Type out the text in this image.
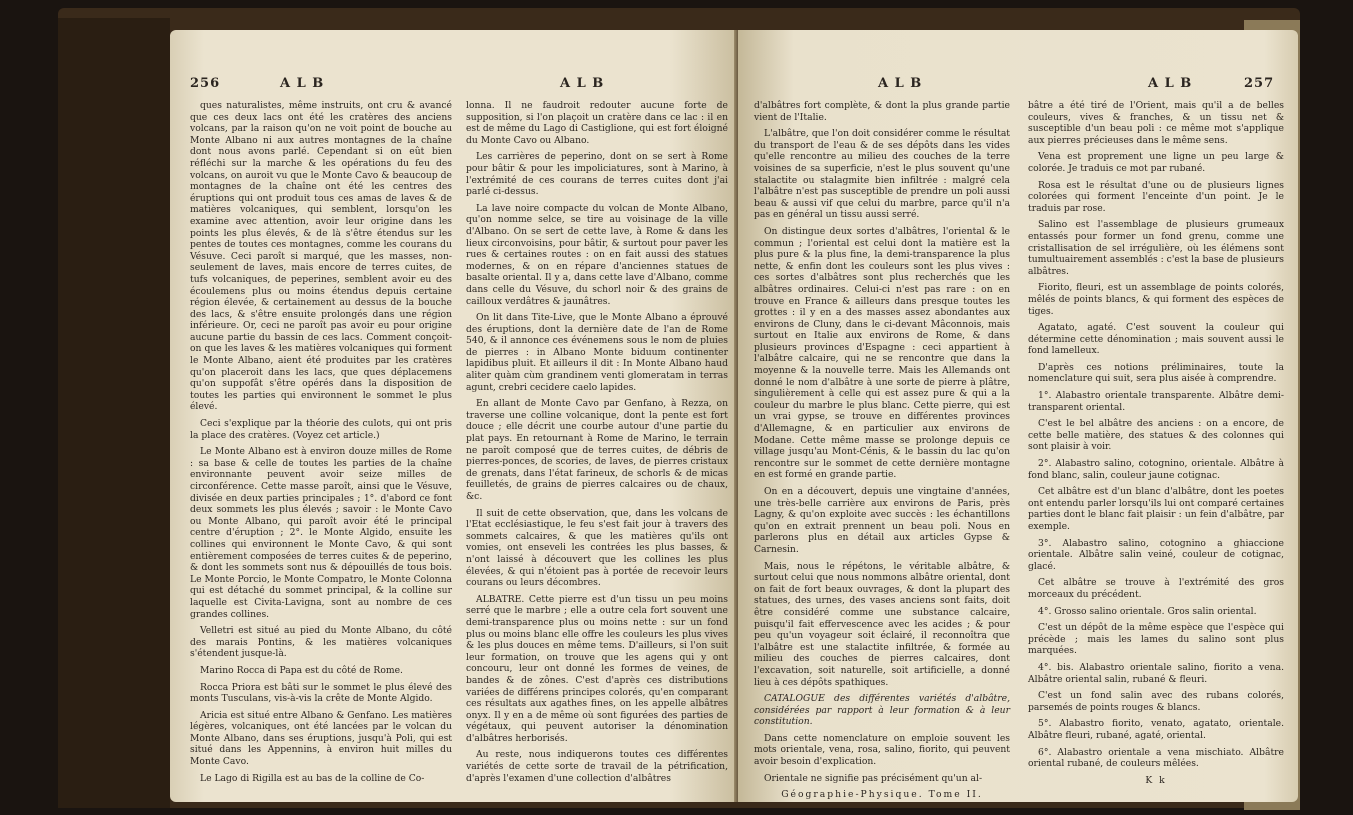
256	A L B	A L B

ques naturalistes, même instruits, ont cru & avancé que ces deux lacs ont été les cratères des anciens volcans, par la raison qu'on ne voit point de bouche au Monte Albano ni aux autres montagnes de la chaîne dont nous avons parlé. Cependant si on eût bien réfléchi sur la marche & les opérations du feu des volcans, on auroit vu que le Monte Cavo & beaucoup de montagnes de la chaîne ont été les centres des éruptions qui ont produit tous ces amas de laves & de matières volcaniques, qui semblent, lorsqu'on les examine avec attention, avoir leur origine dans les points les plus élevés, & de là s'être étendus sur les pentes de toutes ces montagnes, comme les courans du Vésuve. Ceci paroît si marqué, que les masses, non-seulement de laves, mais encore de terres cuites, de tufs volcaniques, de peperines, semblent avoir eu des écoulemens plus ou moins étendus depuis certaine région élevée, & certainement au dessus de la bouche des lacs, & s'être ensuite prolongés dans une région inférieure. Or, ceci ne paroît pas avoir eu pour origine aucune partie du bassin de ces lacs. Comment conçoit-on que les laves & les matières volcaniques qui forment le Monte Albano, aient été produites par les cratères qu'on placeroit dans les lacs, que ques déplacemens qu'on suppofât s'être opérés dans la disposition de toutes les parties qui environnent le sommet le plus élevé.

Ceci s'explique par la théorie des culots, qui ont pris la place des cratères. (Voyez cet article.)

Le Monte Albano est à environ douze milles de Rome : sa base & celle de toutes les parties de la chaîne environnante peuvent avoir seize milles de circonférence. Cette masse paroît, ainsi que le Vésuve, divisée en deux parties principales ; 1°. d'abord ce font deux sommets les plus élevés ; savoir : le Monte Cavo ou Monte Albano, qui paroît avoir été le principal centre d'éruption ; 2°. le Monte Algido, ensuite les collines qui environnent le Monte Cavo, & qui sont entièrement composées de terres cuites & de peperino, & dont les sommets sont nus & dépouillés de tous bois. Le Monte Porcio, le Monte Compatro, le Monte Colonna qui est détaché du sommet principal, & la colline sur laquelle est Civita-Lavigna, sont au nombre de ces grandes collines.

Velletri est situé au pied du Monte Albano, du côté des marais Pontins, & les matières volcaniques s'étendent jusque-là.

Marino Rocca di Papa est du côté de Rome.

Rocca Priora est bâti sur le sommet le plus élevé des monts Tusculans, vis-à-vis la crête de Monte Algido.

Aricia est situé entre Albano & Genfano. Les matières légères, volcaniques, ont été lancées par le volcan du Monte Albano, dans ses éruptions, jusqu'à Poli, qui est situé dans les Appennins, à environ huit milles du Monte Cavo.

Le Lago di Rigilla est au bas de la colline de Co-

lonna. Il ne faudroit redouter aucune forte de supposition, si l'on plaçoit un cratère dans ce lac : il en est de même du Lago di Castiglione, qui est fort éloigné du Monte Cavo ou Albano.

Les carrières de peperino, dont on se sert à Rome pour bâtir & pour les impoliciatures, sont à Marino, à l'extrémité de ces courans de terres cuites dont j'ai parlé ci-dessus.

La lave noire compacte du volcan de Monte Albano, qu'on nomme selce, se tire au voisinage de la ville d'Albano. On se sert de cette lave, à Rome & dans les lieux circonvoisins, pour bâtir, & surtout pour paver les rues & certaines routes : on en fait aussi des statues modernes, & on en répare d'anciennes statues de basalte oriental. Il y a, dans cette lave d'Albano, comme dans celle du Vésuve, du schorl noir & des grains de cailloux verdâtres & jaunâtres.

On lit dans Tite-Live, que le Monte Albano a éprouvé des éruptions, dont la dernière date de l'an de Rome 540, & il annonce ces événemens sous le nom de pluies de pierres : in Albano Monte biduum continenter lapidibus pluit. Et ailleurs il dit : In Monte Albano haud aliter quàm cùm grandinem venti glomeratam in terras agunt, crebri cecidere caelo lapides.

En allant de Monte Cavo par Genfano, à Rezza, on traverse une colline volcanique, dont la pente est fort douce ; elle décrit une courbe autour d'une partie du plat pays. En retournant à Rome de Marino, le terrain ne paroît composé que de terres cuites, de débris de pierres-ponces, de scories, de laves, de pierres cristaux de grenats, dans l'état farineux, de schorls & de micas feuilletés, de grains de pierres calcaires ou de chaux, &c.

Il suit de cette observation, que, dans les volcans de l'Etat ecclésiastique, le feu s'est fait jour à travers des sommets calcaires, & que les matières qu'ils ont vomies, ont enseveli les contrées les plus basses, & n'ont laissé à découvert que les collines les plus élevées, & qui n'étoient pas à portée de recevoir leurs courans ou leurs décombres.

ALBATRE. Cette pierre est d'un tissu un peu moins serré que le marbre ; elle a outre cela fort souvent une demi-transparence plus ou moins nette : sur un fond plus ou moins blanc elle offre les couleurs les plus vives & les plus douces en même tems. D'ailleurs, si l'on suit leur formation, on trouve que les agens qui y ont concouru, leur ont donné les formes de veines, de bandes & de zônes. C'est d'après ces distributions variées de différens principes colorés, qu'en comparant ces résultats aux agathes fines, on les appelle albâtres onyx. Il y en a de même où sont figurées des parties de végétaux, qui peuvent autoriser la dénomination d'albâtres herborisés.

Au reste, nous indiquerons toutes ces différentes variétés de cette sorte de travail de la pétrification, d'après l'examen d'une collection d'albâtres

A L B	A L B	257

d'albâtres fort complète, & dont la plus grande partie vient de l'Italie.

L'albâtre, que l'on doit considérer comme le résultat du transport de l'eau & de ses dépôts dans les vides qu'elle rencontre au milieu des couches de la terre voisines de sa superficie, n'est le plus souvent qu'une stalactite ou stalagmite bien infiltrée : malgré cela l'albâtre n'est pas susceptible de prendre un poli aussi beau & aussi vif que celui du marbre, parce qu'il n'a pas en général un tissu aussi serré.

On distingue deux sortes d'albâtres, l'oriental & le commun ; l'oriental est celui dont la matière est la plus pure & la plus fine, la demi-transparence la plus nette, & enfin dont les couleurs sont les plus vives : ces sortes d'albâtres sont plus recherchés que les albâtres ordinaires. Celui-ci n'est pas rare : on en trouve en France & ailleurs dans presque toutes les grottes : il y en a des masses assez abondantes aux environs de Cluny, dans le ci-devant Mâconnois, mais surtout en Italie aux environs de Rome, & dans plusieurs provinces d'Espagne : ceci appartient à l'albâtre calcaire, qui ne se rencontre que dans la moyenne & la nouvelle terre. Mais les Allemands ont donné le nom d'albâtre à une sorte de pierre à plâtre, singulièrement à celle qui est assez pure & qui a la couleur du marbre le plus blanc. Cette pierre, qui est un vrai gypse, se trouve en différentes provinces d'Allemagne, & en particulier aux environs de Modane. Cette même masse se prolonge depuis ce village jusqu'au Mont-Cénis, & le bassin du lac qu'on rencontre sur le sommet de cette dernière montagne en est formé en grande partie.

On en a découvert, depuis une vingtaine d'années, une très-belle carrière aux environs de Paris, près Lagny, & qu'on exploite avec succès : les échantillons qu'on en extrait prennent un beau poli. Nous en parlerons plus en détail aux articles Gypse & Carnesin.

Mais, nous le répétons, le véritable albâtre, & surtout celui que nous nommons albâtre oriental, dont on fait de fort beaux ouvrages, & dont la plupart des statues, des urnes, des vases anciens sont faits, doit être considéré comme une substance calcaire, puisqu'il fait effervescence avec les acides ; & pour peu qu'un voyageur soit éclairé, il reconnoîtra que l'albâtre est une stalactite infiltrée, & formée au milieu des couches de pierres calcaires, dont l'excavation, soit naturelle, soit artificielle, a donné lieu à ces dépôts spathiques.

CATALOGUE des différentes variétés d'albâtre, considérées par rapport à leur formation & à leur constitution.

Dans cette nomenclature on emploie souvent les mots orientale, vena, rosa, salino, fiorito, qui peuvent avoir besoin d'explication.

Orientale ne signifie pas précisément qu'un al-

Géographie-Physique. Tome II.

bâtre a été tiré de l'Orient, mais qu'il a de belles couleurs, vives & franches, & un tissu net & susceptible d'un beau poli : ce même mot s'applique aux pierres précieuses dans le même sens.

Vena est proprement une ligne un peu large & colorée. Je traduis ce mot par rubané.

Rosa est le résultat d'une ou de plusieurs lignes colorées qui forment l'enceinte d'un point. Je le traduis par rose.

Salino est l'assemblage de plusieurs grumeaux entassés pour former un fond grenu, comme une cristallisation de sel irrégulière, où les élémens sont tumultuairement assemblés : c'est la base de plusieurs albâtres.

Fiorito, fleuri, est un assemblage de points colorés, mêlés de points blancs, & qui forment des espèces de tiges.

Agatato, agaté. C'est souvent la couleur qui détermine cette dénomination ; mais souvent aussi le fond lamelleux.

D'après ces notions préliminaires, toute la nomenclature qui suit, sera plus aisée à comprendre.

1°. Alabastro orientale transparente. Albâtre demi-transparent oriental.

C'est le bel albâtre des anciens : on a encore, de cette belle matière, des statues & des colonnes qui sont plaisir à voir.

2°. Alabastro salino, cotognino, orientale. Albâtre à fond blanc, salin, couleur jaune cotignac.

Cet albâtre est d'un blanc d'albâtre, dont les poetes ont entendu parler lorsqu'ils lui ont comparé certaines parties dont le blanc fait plaisir : un fein d'albâtre, par exemple.

3°. Alabastro salino, cotognino a ghiaccione orientale. Albâtre salin veiné, couleur de cotignac, glacé.

Cet albâtre se trouve à l'extrémité des gros morceaux du précédent.

4°. Grosso salino orientale. Gros salin oriental.

C'est un dépôt de la même espèce que l'espèce qui précède ; mais les lames du salino sont plus marquées.

4°. bis. Alabastro orientale salino, fiorito a vena. Albâtre oriental salin, rubané & fleuri.

C'est un fond salin avec des rubans colorés, parsemés de points rouges & blancs.

5°. Alabastro fiorito, venato, agatato, orientale. Albâtre fleuri, rubané, agaté, oriental.

6°. Alabastro orientale a vena mischiato. Albâtre oriental rubané, de couleurs mêlées.

K k
